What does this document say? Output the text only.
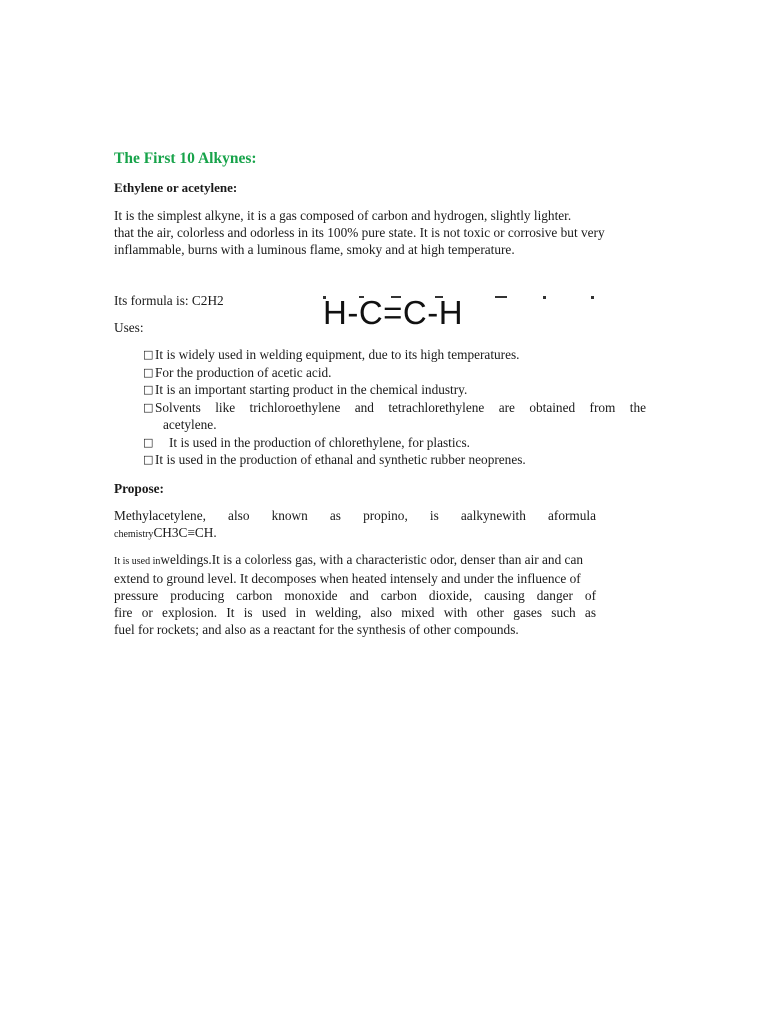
The First 10 Alkynes:
Ethylene or acetylene:
It is the simplest alkyne, it is a gas composed of carbon and hydrogen, slightly lighter.
that the air, colorless and odorless in its 100% pure state. It is not toxic or corrosive but very
inflammable, burns with a luminous flame, smoky and at high temperature.
Its formula is: C2H2	H-C=C-H
Uses:
□ It is widely used in welding equipment, due to its high temperatures.
□ For the production of acetic acid.
□ It is an important starting product in the chemical industry.
□ Solvents like trichloroethylene and tetrachlorethylene are obtained from the
acetylene.
□ It is used in the production of chlorethylene, for plastics.
□ It is used in the production of ethanal and synthetic rubber neoprenes.
Propose:
Methylacetylene, also known as propino, is aalkynewith aformula
chemistryCH3C≡CH.
It is used inweldings.It is a colorless gas, with a characteristic odor, denser than air and can
extend to ground level. It decomposes when heated intensely and under the influence of
pressure producing carbon monoxide and carbon dioxide, causing danger of
fire or explosion. It is used in welding, also mixed with other gases such as
fuel for rockets; and also as a reactant for the synthesis of other compounds.
